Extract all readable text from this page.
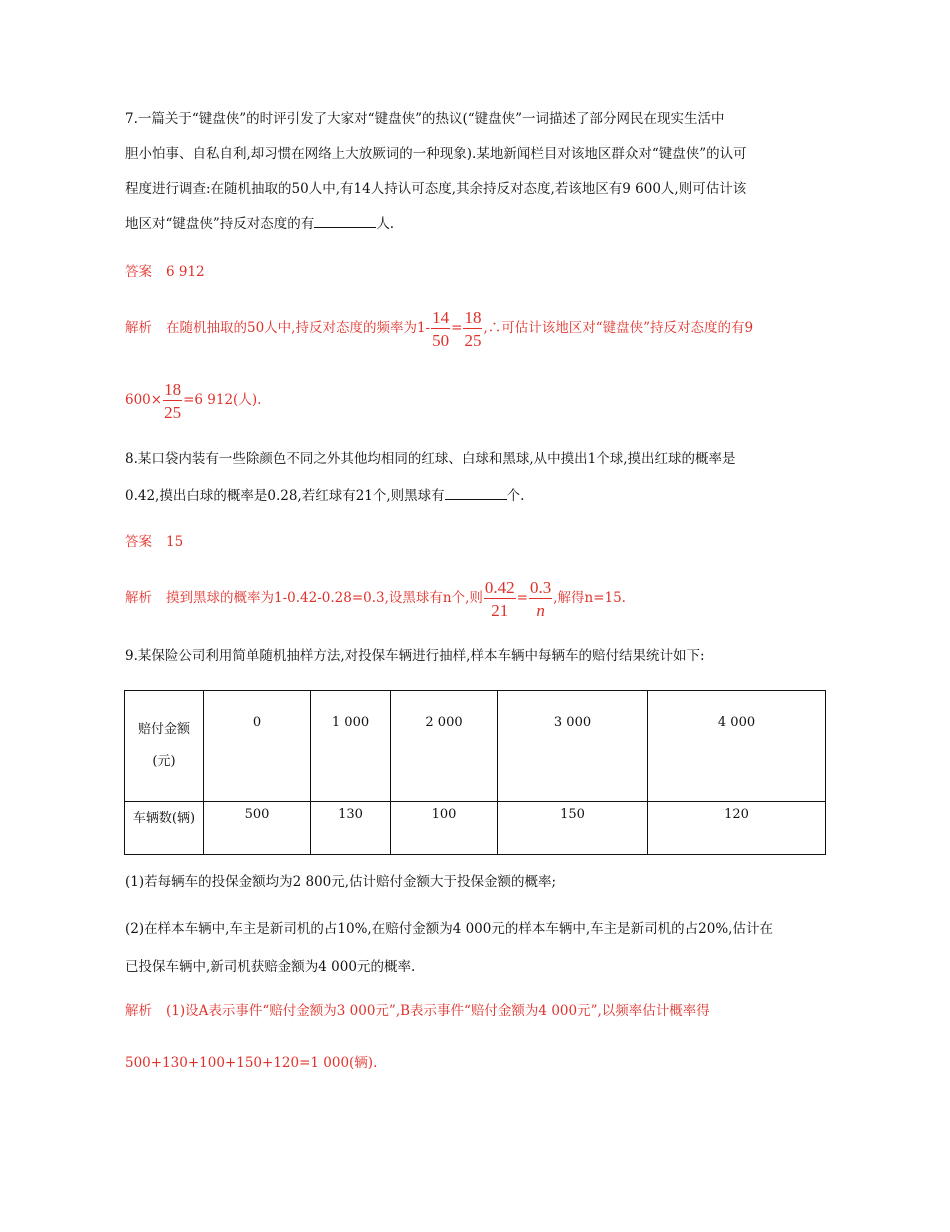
7.一篇关于“键盘侠”的时评引发了大家对“键盘侠”的热议(“键盘侠”一词描述了部分网民在现实生活中
胆小怕事、自私自利,却习惯在网络上大放厥词的一种现象).某地新闻栏目对该地区群众对“键盘侠”的认可
程度进行调查:在随机抽取的50人中,有14人持认可态度,其余持反对态度,若该地区有9 600人,则可估计该
地区对“键盘侠”持反对态度的有	人.
答案 6 912
解析 在随机抽取的50人中,持反对态度的频率为$1- \frac{14}{50} = \frac{18}{25}$ ,∴可估计该地区对“键盘侠”持反对态度的有9
$600\times \frac{18}{25} =6$ 912(人).
8.某口袋内装有一些除颜色不同之外其他均相同的红球、白球和黑球,从中摸出1个球,摸出红球的概率是
0.42,摸出白球的概率是0.28,若红球有21个,则黑球有	个.
答案 15
解析 摸到黑球的概率为1-0.42-0.28=0.3,设黑球有n个,则 $\frac{0.42}{21} = \frac{0.3}{n}$ ,解得n=15.
9.某保险公司利用简单随机抽样方法,对投保车辆进行抽样,样本车辆中每辆车的赔付结果统计如下:
赔付金额
(元)	0	1 000	2 000	3 000	4 000
车辆数(辆)	500	130	100	150	120
(1)若每辆车的投保金额均为2 800元,估计赔付金额大于投保金额的概率;
(2)在样本车辆中,车主是新司机的占10%,在赔付金额为4 000元的样本车辆中,车主是新司机的占20%,估计在
已投保车辆中,新司机获赔金额为4 000元的概率.
解析 (1)设A表示事件“赔付金额为3 000元”,B表示事件“赔付金额为4 000元”,以频率估计概率得
500+130+100+150+120=1 000(辆).
